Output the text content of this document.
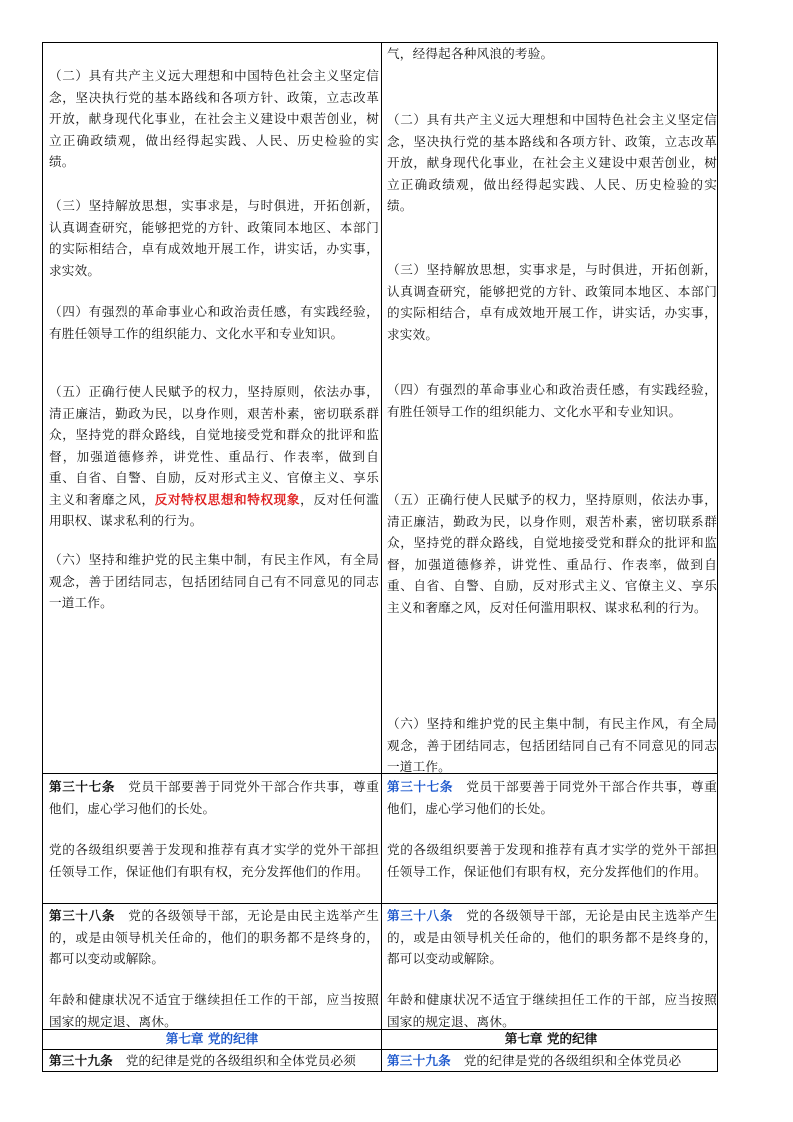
（二）具有共产主义远大理想和中国特色社会主义坚定信念，坚决执行党的基本路线和各项方针、政策，立志改革开放，献身现代化事业，在社会主义建设中艰苦创业，树立正确政绩观，做出经得起实践、人民、历史检验的实绩。

（三）坚持解放思想，实事求是，与时俱进，开拓创新，认真调查研究，能够把党的方针、政策同本地区、本部门的实际相结合，卓有成效地开展工作，讲实话，办实事，求实效。

（四）有强烈的革命事业心和政治责任感，有实践经验，有胜任领导工作的组织能力、文化水平和专业知识。

（五）正确行使人民赋予的权力，坚持原则，依法办事，清正廉洁，勤政为民，以身作则，艰苦朴素，密切联系群众，坚持党的群众路线，自觉地接受党和群众的批评和监督，加强道德修养，讲党性、重品行、作表率，做到自重、自省、自警、自励，反对形式主义、官僚主义、享乐主义和奢靡之风，反对特权思想和特权现象，反对任何滥用职权、谋求私利的行为。

（六）坚持和维护党的民主集中制，有民主作风，有全局观念，善于团结同志，包括团结同自己有不同意见的同志一道工作。

第三十七条　党员干部要善于同党外干部合作共事，尊重他们，虚心学习他们的长处。

党的各级组织要善于发现和推荐有真才实学的党外干部担任领导工作，保证他们有职有权，充分发挥他们的作用。

第三十八条　党的各级领导干部，无论是由民主选举产生的，或是由领导机关任命的，他们的职务都不是终身的，都可以变动或解除。

年龄和健康状况不适宜于继续担任工作的干部，应当按照国家的规定退、离休。

第七章 党的纪律

第三十九条　党的纪律是党的各级组织和全体党员必须

气，经得起各种风浪的考验。

（二）具有共产主义远大理想和中国特色社会主义坚定信念，坚决执行党的基本路线和各项方针、政策，立志改革开放，献身现代化事业，在社会主义建设中艰苦创业，树立正确政绩观，做出经得起实践、人民、历史检验的实绩。

（三）坚持解放思想，实事求是，与时俱进，开拓创新，认真调查研究，能够把党的方针、政策同本地区、本部门的实际相结合，卓有成效地开展工作，讲实话，办实事，求实效。

（四）有强烈的革命事业心和政治责任感，有实践经验，有胜任领导工作的组织能力、文化水平和专业知识。

（五）正确行使人民赋予的权力，坚持原则，依法办事，清正廉洁，勤政为民，以身作则，艰苦朴素，密切联系群众，坚持党的群众路线，自觉地接受党和群众的批评和监督，加强道德修养，讲党性、重品行、作表率，做到自重、自省、自警、自励，反对形式主义、官僚主义、享乐主义和奢靡之风，反对任何滥用职权、谋求私利的行为。

（六）坚持和维护党的民主集中制，有民主作风，有全局观念，善于团结同志，包括团结同自己有不同意见的同志一道工作。

第三十七条　党员干部要善于同党外干部合作共事，尊重他们，虚心学习他们的长处。

党的各级组织要善于发现和推荐有真才实学的党外干部担任领导工作，保证他们有职有权，充分发挥他们的作用。

第三十八条　党的各级领导干部，无论是由民主选举产生的，或是由领导机关任命的，他们的职务都不是终身的，都可以变动或解除。

年龄和健康状况不适宜于继续担任工作的干部，应当按照国家的规定退、离休。

第七章 党的纪律

第三十九条　党的纪律是党的各级组织和全体党员必
